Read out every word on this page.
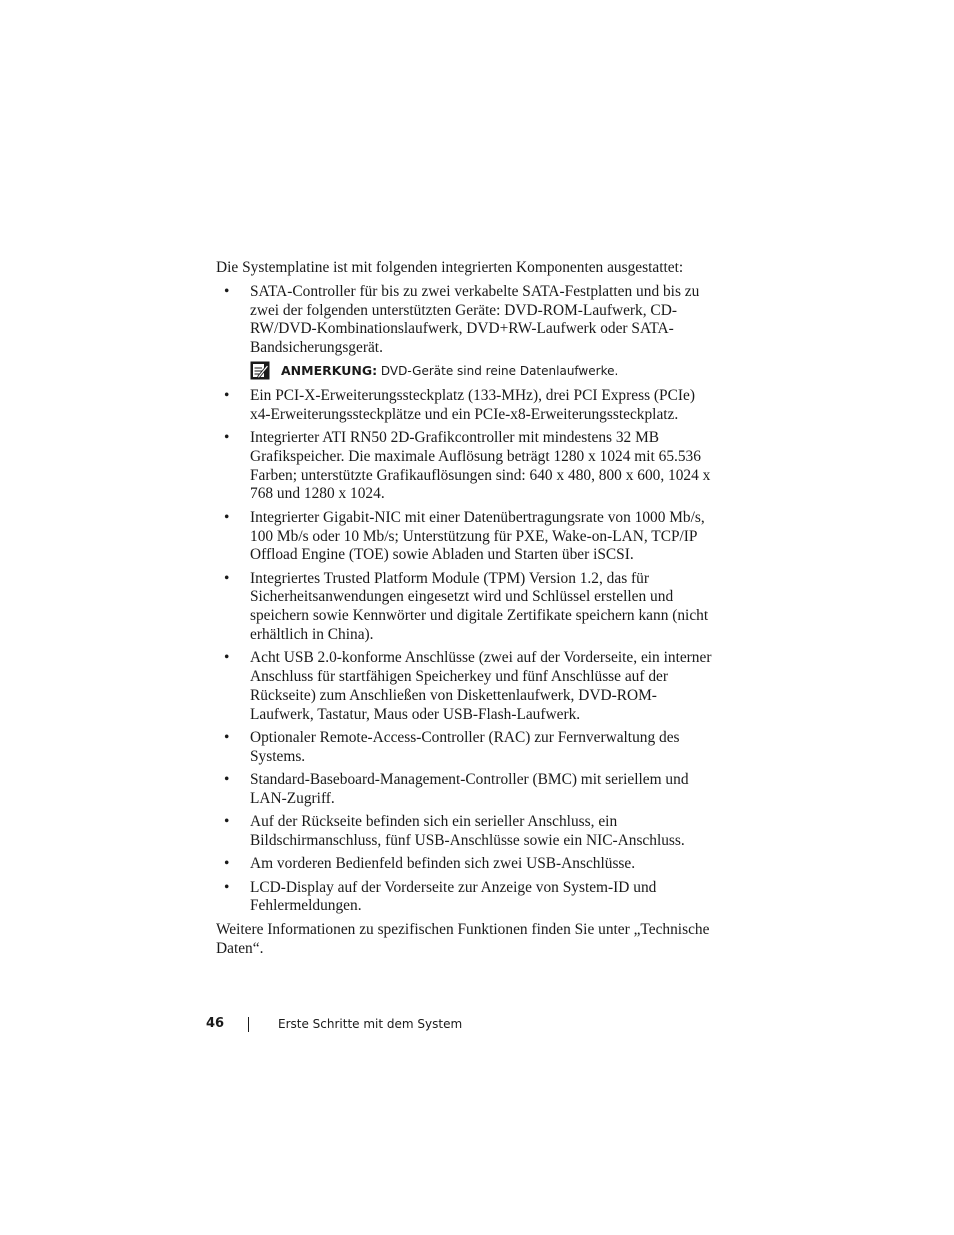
Die Systemplatine ist mit folgenden integrierten Komponenten ausgestattet:

• SATA-Controller für bis zu zwei verkabelte SATA-Festplatten und bis zu zwei der folgenden unterstützten Geräte: DVD-ROM-Laufwerk, CD-RW/DVD-Kombinationslaufwerk, DVD+RW-Laufwerk oder SATA-Bandsicherungsgerät.
ANMERKUNG: DVD-Geräte sind reine Datenlaufwerke.
• Ein PCI-X-Erweiterungssteckplatz (133-MHz), drei PCI Express (PCIe) x4-Erweiterungssteckplätze und ein PCIe-x8-Erweiterungssteckplatz.
• Integrierter ATI RN50 2D-Grafikcontroller mit mindestens 32 MB Grafikspeicher. Die maximale Auflösung beträgt 1280 x 1024 mit 65.536 Farben; unterstützte Grafikauflösungen sind: 640 x 480, 800 x 600, 1024 x 768 und 1280 x 1024.
• Integrierter Gigabit-NIC mit einer Datenübertragungsrate von 1000 Mb/s, 100 Mb/s oder 10 Mb/s; Unterstützung für PXE, Wake-on-LAN, TCP/IP Offload Engine (TOE) sowie Abladen und Starten über iSCSI.
• Integriertes Trusted Platform Module (TPM) Version 1.2, das für Sicherheitsanwendungen eingesetzt wird und Schlüssel erstellen und speichern sowie Kennwörter und digitale Zertifikate speichern kann (nicht erhältlich in China).
• Acht USB 2.0-konforme Anschlüsse (zwei auf der Vorderseite, ein interner Anschluss für startfähigen Speicherkey und fünf Anschlüsse auf der Rückseite) zum Anschließen von Diskettenlaufwerk, DVD-ROM-Laufwerk, Tastatur, Maus oder USB-Flash-Laufwerk.
• Optionaler Remote-Access-Controller (RAC) zur Fernverwaltung des Systems.
• Standard-Baseboard-Management-Controller (BMC) mit seriellem und LAN-Zugriff.
• Auf der Rückseite befinden sich ein serieller Anschluss, ein Bildschirmanschluss, fünf USB-Anschlüsse sowie ein NIC-Anschluss.
• Am vorderen Bedienfeld befinden sich zwei USB-Anschlüsse.
• LCD-Display auf der Vorderseite zur Anzeige von System-ID und Fehlermeldungen.

Weitere Informationen zu spezifischen Funktionen finden Sie unter „Technische Daten“.

46	Erste Schritte mit dem System
